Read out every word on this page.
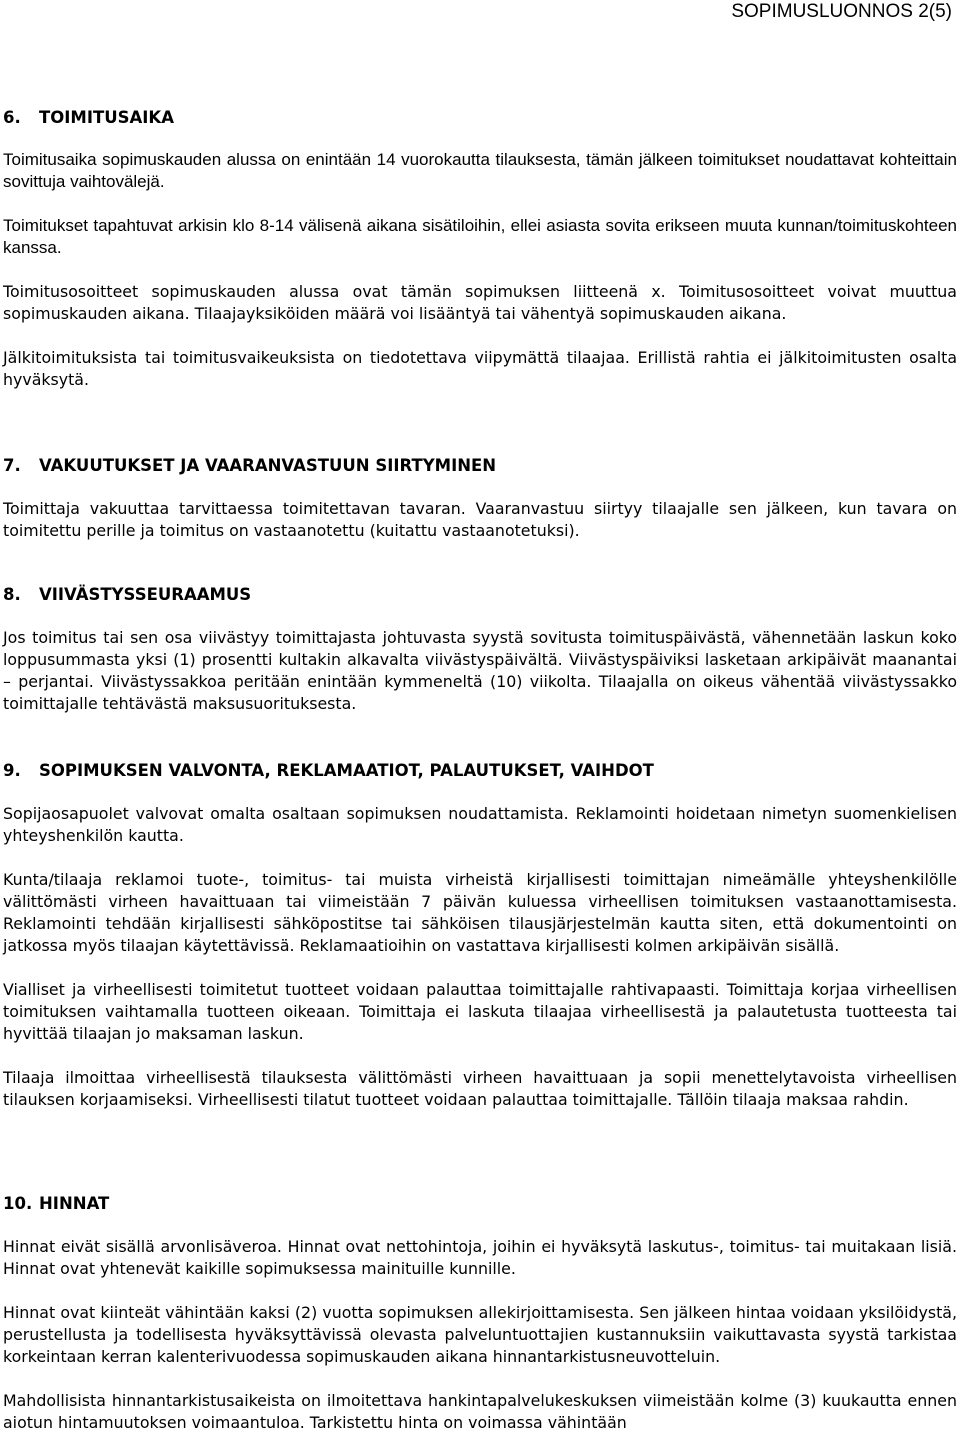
SOPIMUSLUONNOS 2(5)
6.	TOIMITUSAIKA

Toimitusaika sopimuskauden alussa on enintään 14 vuorokautta tilauksesta, tämän jälkeen toimitukset noudattavat kohteittain sovittuja vaihtovälejä.

Toimitukset tapahtuvat arkisin klo 8-14 välisenä aikana sisätiloihin, ellei asiasta sovita erikseen muuta kunnan/toimituskohteen kanssa.

Toimitusosoitteet sopimuskauden alussa ovat tämän sopimuksen liitteenä x. Toimitusosoitteet voivat muuttua sopimuskauden aikana. Tilaajayksiköiden määrä voi lisääntyä tai vähentyä sopimuskauden aikana.

Jälkitoimituksista tai toimitusvaikeuksista on tiedotettava viipymättä tilaajaa. Erillistä rahtia ei jälkitoimitusten osalta hyväksytä.

7.	VAKUUTUKSET JA VAARANVASTUUN SIIRTYMINEN

Toimittaja vakuuttaa tarvittaessa toimitettavan tavaran. Vaaranvastuu siirtyy tilaajalle sen jälkeen, kun tavara on toimitettu perille ja toimitus on vastaanotettu (kuitattu vastaanotetuksi).

8.	VIIVÄSTYSSEURAAMUS

Jos toimitus tai sen osa viivästyy toimittajasta johtuvasta syystä sovitusta toimituspäivästä, vähennetään laskun koko loppusummasta yksi (1) prosentti kultakin alkavalta viivästyspäivältä. Viivästyspäiviksi lasketaan arkipäivät maanantai – perjantai. Viivästyssakkoa peritään enintään kymmeneltä (10) viikolta. Tilaajalla on oikeus vähentää viivästyssakko toimittajalle tehtävästä maksusuorituksesta.

9.	SOPIMUKSEN VALVONTA, REKLAMAATIOT, PALAUTUKSET, VAIHDOT

Sopijaosapuolet valvovat omalta osaltaan sopimuksen noudattamista. Reklamointi hoidetaan nimetyn suomenkielisen yhteyshenkilön kautta.

Kunta/tilaaja reklamoi tuote-, toimitus- tai muista virheistä kirjallisesti toimittajan nimeämälle yhteyshenkilölle välittömästi virheen havaittuaan tai viimeistään 7 päivän kuluessa virheellisen toimituksen vastaanottamisesta. Reklamointi tehdään kirjallisesti sähköpostitse tai sähköisen tilausjärjestelmän kautta siten, että dokumentointi on jatkossa myös tilaajan käytettävissä. Reklamaatioihin on vastattava kirjallisesti kolmen arkipäivän sisällä.

Vialliset ja virheellisesti toimitetut tuotteet voidaan palauttaa toimittajalle rahtivapaasti. Toimittaja korjaa virheellisen toimituksen vaihtamalla tuotteen oikeaan. Toimittaja ei laskuta tilaajaa virheellisestä ja palautetusta tuotteesta tai hyvittää tilaajan jo maksaman laskun.

Tilaaja ilmoittaa virheellisestä tilauksesta välittömästi virheen havaittuaan ja sopii menettelytavoista virheellisen tilauksen korjaamiseksi. Virheellisesti tilatut tuotteet voidaan palauttaa toimittajalle. Tällöin tilaaja maksaa rahdin.

10. HINNAT

Hinnat eivät sisällä arvonlisäveroa. Hinnat ovat nettohintoja, joihin ei hyväksytä laskutus-, toimitus- tai muitakaan lisiä. Hinnat ovat yhtenevät kaikille sopimuksessa mainituille kunnille.

Hinnat ovat kiinteät vähintään kaksi (2) vuotta sopimuksen allekirjoittamisesta. Sen jälkeen hintaa voidaan yksilöidystä, perustellusta ja todellisesta hyväksyttävissä olevasta palveluntuottajien kustannuksiin vaikuttavasta syystä tarkistaa korkeintaan kerran kalenterivuodessa sopimuskauden aikana hinnantarkistusneuvotteluin.

Mahdollisista hinnantarkistusaikeista on ilmoitettava hankintapalvelukeskuksen viimeistään kolme (3) kuukautta ennen aiotun hintamuutoksen voimaantuloa. Tarkistettu hinta on voimassa vähintään
